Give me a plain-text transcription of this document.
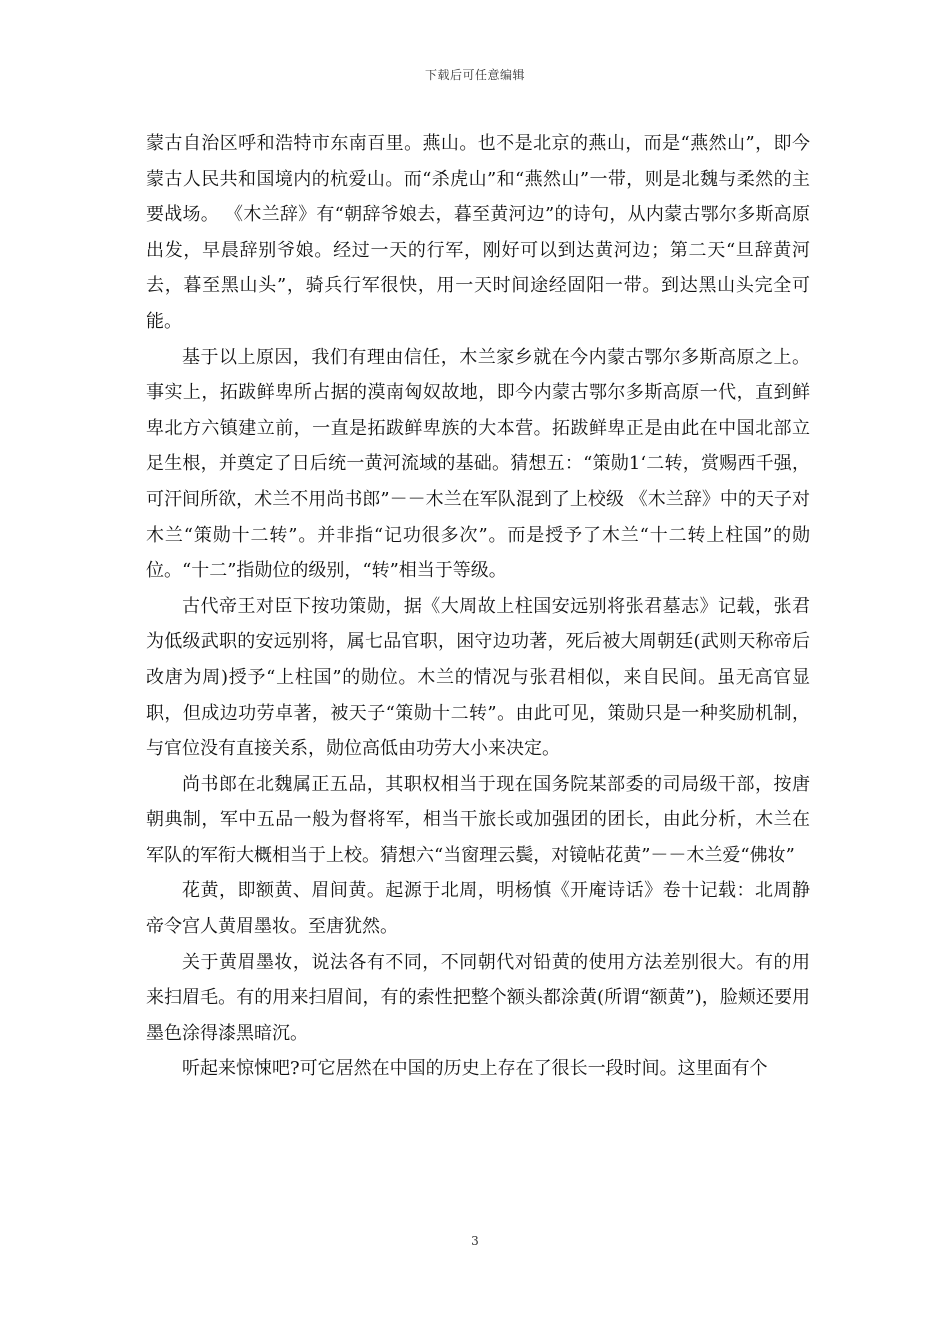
下载后可任意编辑

蒙古自治区呼和浩特市东南百里。燕山。也不是北京的燕山，而是“燕然山”，即今蒙古人民共和国境内的杭爱山。而“杀虎山”和“燕然山”一带，则是北魏与柔然的主要战场。 《木兰辞》有“朝辞爷娘去，暮至黄河边”的诗句，从内蒙古鄂尔多斯高原出发，早晨辞别爷娘。经过一天的行军，刚好可以到达黄河边；第二天“旦辞黄河去，暮至黑山头”，骑兵行军很快，用一天时间途经固阳一带。到达黑山头完全可能。

基于以上原因，我们有理由信任，木兰家乡就在今内蒙古鄂尔多斯高原之上。事实上，拓跋鲜卑所占据的漠南匈奴故地，即今内蒙古鄂尔多斯高原一代，直到鲜卑北方六镇建立前，一直是拓跋鲜卑族的大本营。拓跋鲜卑正是由此在中国北部立足生根，并奠定了日后统一黄河流域的基础。猜想五：“策勋1‘二转，赏赐西千强，可汗间所欲，术兰不用尚书郎”－－木兰在军队混到了上校级 《木兰辞》中的天子对木兰“策勋十二转”。并非指“记功很多次”。而是授予了木兰“十二转上柱国”的勋位。“十二”指勋位的级别，“转”相当于等级。

古代帝王对臣下按功策勋，据《大周故上柱国安远别将张君墓志》记载，张君为低级武职的安远别将，属七品官职，困守边功著，死后被大周朝廷(武则天称帝后改唐为周)授予“上柱国”的勋位。木兰的情况与张君相似，来自民间。虽无高官显职，但成边功劳卓著，被天子“策勋十二转”。由此可见，策勋只是一种奖励机制，与官位没有直接关系，勋位高低由功劳大小来决定。

尚书郎在北魏属正五品，其职权相当于现在国务院某部委的司局级干部，按唐朝典制，军中五品一般为督将军，相当干旅长或加强团的团长，由此分析，木兰在军队的军衔大概相当于上校。猜想六“当窗理云鬓，对镜帖花黄”－－木兰爱“佛妆”

花黄，即额黄、眉间黄。起源于北周，明杨慎《开庵诗话》卷十记载：北周静帝令宫人黄眉墨妆。至唐犹然。

关于黄眉墨妆，说法各有不同，不同朝代对铅黄的使用方法差别很大。有的用来扫眉毛。有的用来扫眉间，有的索性把整个额头都涂黄(所谓“额黄”)，脸颊还要用墨色涂得漆黑暗沉。

听起来惊悚吧?可它居然在中国的历史上存在了很长一段时间。这里面有个

3
